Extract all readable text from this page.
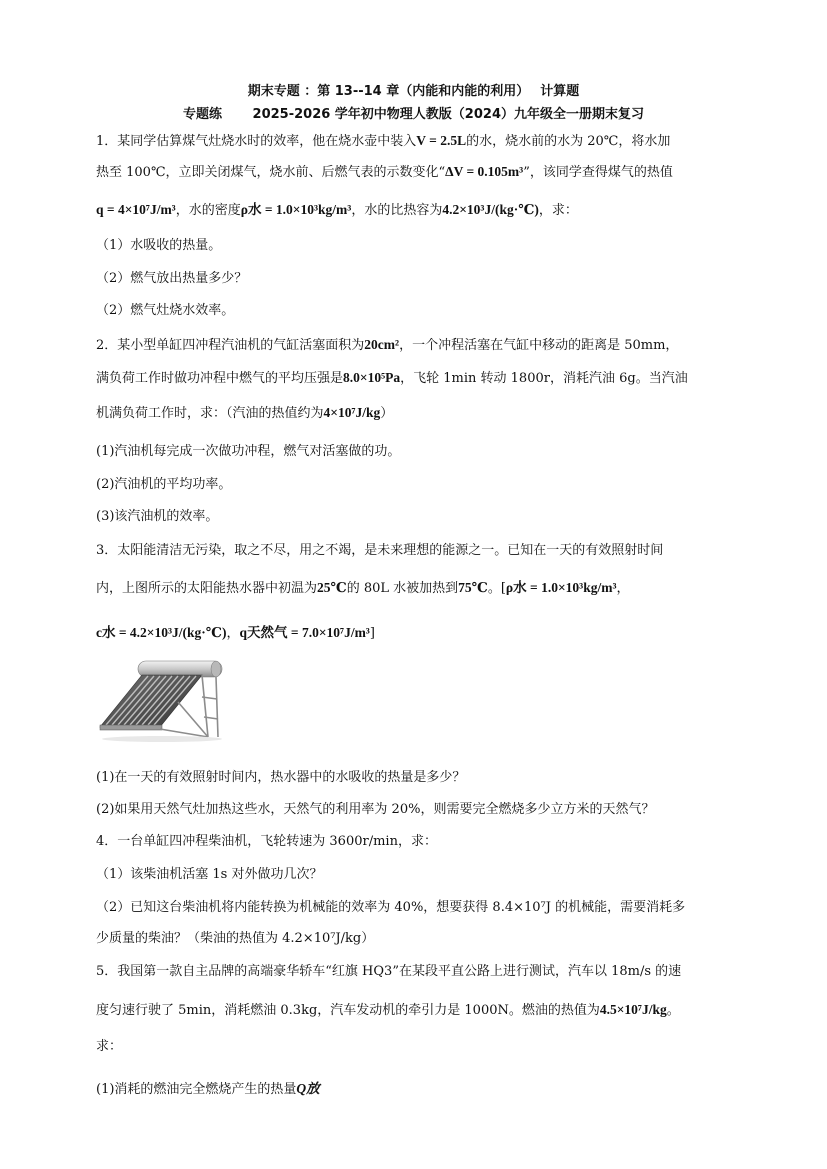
期末专题 ：第 13--14 章（内能和内能的利用）　 计算题
专题练　　 2025-2026 学年初中物理人教版（2024）九年级全一册期末复习
1．某同学估算煤气灶烧水时的效率，他在烧水壶中装入V = 2.5L的水，烧水前的水为 20℃，将水加
热至 100℃，立即关闭煤气，烧水前、后燃气表的示数变化“ΔV = 0.105m³”，该同学查得煤气的热值
q = 4×10⁷J/m³，水的密度ρ水 = 1.0×10³kg/m³，水的比热容为4.2×10³J/(kg·℃)，求：
（1）水吸收的热量。
（2）燃气放出热量多少？
（2）燃气灶烧水效率。
2．某小型单缸四冲程汽油机的气缸活塞面积为20cm²，一个冲程活塞在气缸中移动的距离是 50mm，
满负荷工作时做功冲程中燃气的平均压强是8.0×10⁵Pa，飞轮 1min 转动 1800r，消耗汽油 6g。当汽油
机满负荷工作时，求：（汽油的热值约为4×10⁷J/kg）
(1)汽油机每完成一次做功冲程，燃气对活塞做的功。
(2)汽油机的平均功率。
(3)该汽油机的效率。
3．太阳能清洁无污染，取之不尽，用之不竭，是未来理想的能源之一。已知在一天的有效照射时间
内，上图所示的太阳能热水器中初温为25℃的 80L 水被加热到75℃。[ρ水 = 1.0×10³kg/m³，
c水 = 4.2×10³J/(kg·℃)，q天然气 = 7.0×10⁷J/m³]
(1)在一天的有效照射时间内，热水器中的水吸收的热量是多少？
(2)如果用天然气灶加热这些水，天然气的利用率为 20%，则需要完全燃烧多少立方米的天然气？
4．一台单缸四冲程柴油机，飞轮转速为 3600r/min，求：
（1）该柴油机活塞 1s 对外做功几次？
（2）已知这台柴油机将内能转换为机械能的效率为 40%，想要获得 8.4×10⁷J 的机械能，需要消耗多
少质量的柴油？（柴油的热值为 4.2×10⁷J/kg）
5．我国第一款自主品牌的高端豪华轿车“红旗 HQ3”在某段平直公路上进行测试，汽车以 18m/s 的速
度匀速行驶了 5min，消耗燃油 0.3kg，汽车发动机的牵引力是 1000N。燃油的热值为4.5×10⁷J/kg。
求：
(1)消耗的燃油完全燃烧产生的热量Q放
